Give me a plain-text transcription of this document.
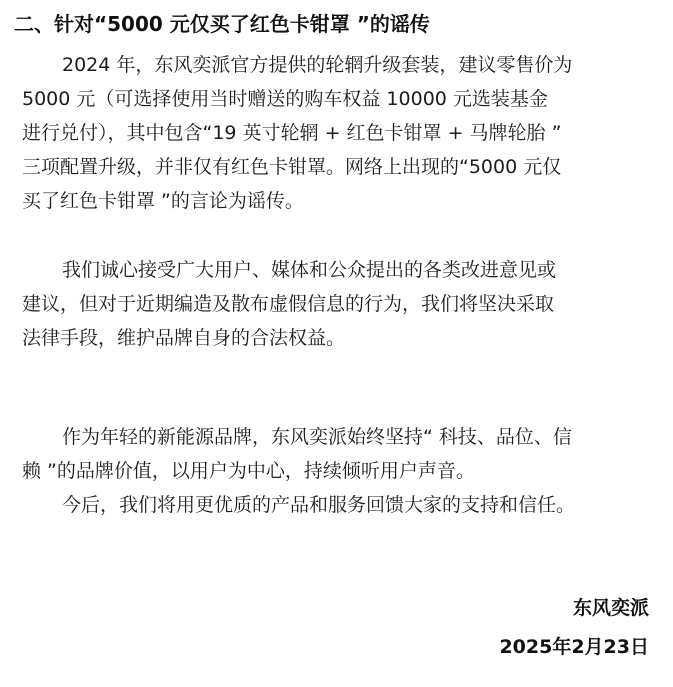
二、针对“5000 元仅买了红色卡钳罩 ”的谣传
2024 年，东风奕派官方提供的轮辋升级套装，建议零售价为
5000 元（可选择使用当时赠送的购车权益 10000 元选装基金
进行兑付），其中包含“19 英寸轮辋 + 红色卡钳罩 + 马牌轮胎 ”
三项配置升级，并非仅有红色卡钳罩。网络上出现的“5000 元仅
买了红色卡钳罩 ”的言论为谣传。
我们诚心接受广大用户、媒体和公众提出的各类改进意见或
建议，但对于近期编造及散布虚假信息的行为，我们将坚决采取
法律手段，维护品牌自身的合法权益。
作为年轻的新能源品牌，东风奕派始终坚持“ 科技、品位、信
赖 ”的品牌价值，以用户为中心，持续倾听用户声音。
今后，我们将用更优质的产品和服务回馈大家的支持和信任。
东风奕派
2025年2月23日
